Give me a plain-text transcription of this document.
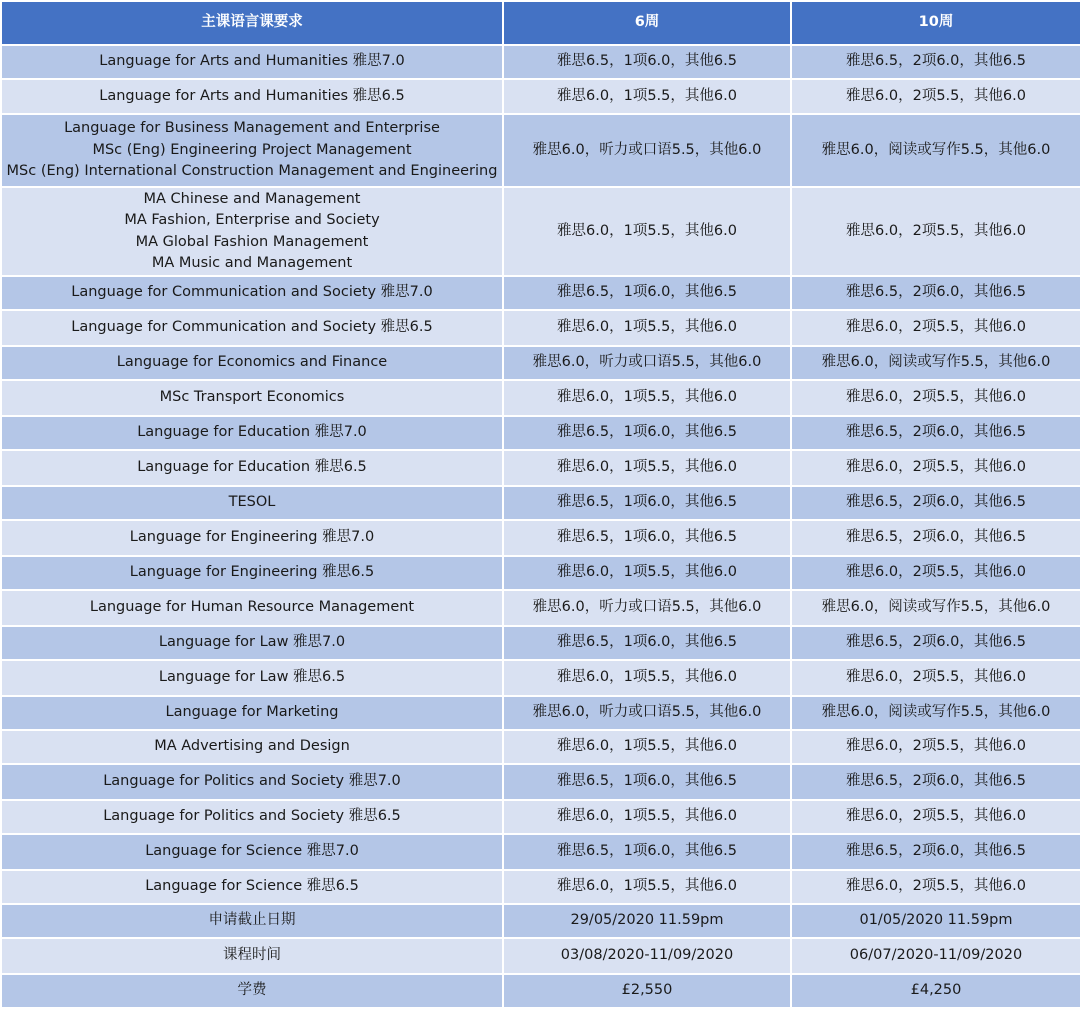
主课语言课要求	6周	10周

Language for Arts and Humanities 雅思7.0	雅思6.5，1项6.0，其他6.5	雅思6.5，2项6.0，其他6.5

Language for Arts and Humanities 雅思6.5	雅思6.0，1项5.5，其他6.0	雅思6.0，2项5.5，其他6.0

Language for Business Management and Enterprise
MSc (Eng) Engineering Project Management
MSc (Eng) International Construction Management and Engineering	雅思6.0，听力或口语5.5，其他6.0	雅思6.0，阅读或写作5.5，其他6.0

MA Chinese and Management
MA Fashion, Enterprise and Society
MA Global Fashion Management
MA Music and Management	雅思6.0，1项5.5，其他6.0	雅思6.0，2项5.5，其他6.0

Language for Communication and Society 雅思7.0	雅思6.5，1项6.0，其他6.5	雅思6.5，2项6.0，其他6.5

Language for Communication and Society 雅思6.5	雅思6.0，1项5.5，其他6.0	雅思6.0，2项5.5，其他6.0

Language for Economics and Finance	雅思6.0，听力或口语5.5，其他6.0	雅思6.0，阅读或写作5.5，其他6.0

MSc Transport Economics	雅思6.0，1项5.5，其他6.0	雅思6.0，2项5.5，其他6.0

Language for Education 雅思7.0	雅思6.5，1项6.0，其他6.5	雅思6.5，2项6.0，其他6.5

Language for Education 雅思6.5	雅思6.0，1项5.5，其他6.0	雅思6.0，2项5.5，其他6.0

TESOL	雅思6.5，1项6.0，其他6.5	雅思6.5，2项6.0，其他6.5

Language for Engineering 雅思7.0	雅思6.5，1项6.0，其他6.5	雅思6.5，2项6.0，其他6.5

Language for Engineering 雅思6.5	雅思6.0，1项5.5，其他6.0	雅思6.0，2项5.5，其他6.0

Language for Human Resource Management	雅思6.0，听力或口语5.5，其他6.0	雅思6.0，阅读或写作5.5，其他6.0

Language for Law 雅思7.0	雅思6.5，1项6.0，其他6.5	雅思6.5，2项6.0，其他6.5

Language for Law 雅思6.5	雅思6.0，1项5.5，其他6.0	雅思6.0，2项5.5，其他6.0

Language for Marketing	雅思6.0，听力或口语5.5，其他6.0	雅思6.0，阅读或写作5.5，其他6.0

MA Advertising and Design	雅思6.0，1项5.5，其他6.0	雅思6.0，2项5.5，其他6.0

Language for Politics and Society 雅思7.0	雅思6.5，1项6.0，其他6.5	雅思6.5，2项6.0，其他6.5

Language for Politics and Society 雅思6.5	雅思6.0，1项5.5，其他6.0	雅思6.0，2项5.5，其他6.0

Language for Science 雅思7.0	雅思6.5，1项6.0，其他6.5	雅思6.5，2项6.0，其他6.5

Language for Science 雅思6.5	雅思6.0，1项5.5，其他6.0	雅思6.0，2项5.5，其他6.0

申请截止日期	29/05/2020 11.59pm	01/05/2020 11.59pm

课程时间	03/08/2020-11/09/2020	06/07/2020-11/09/2020

学费	£2,550	£4,250
